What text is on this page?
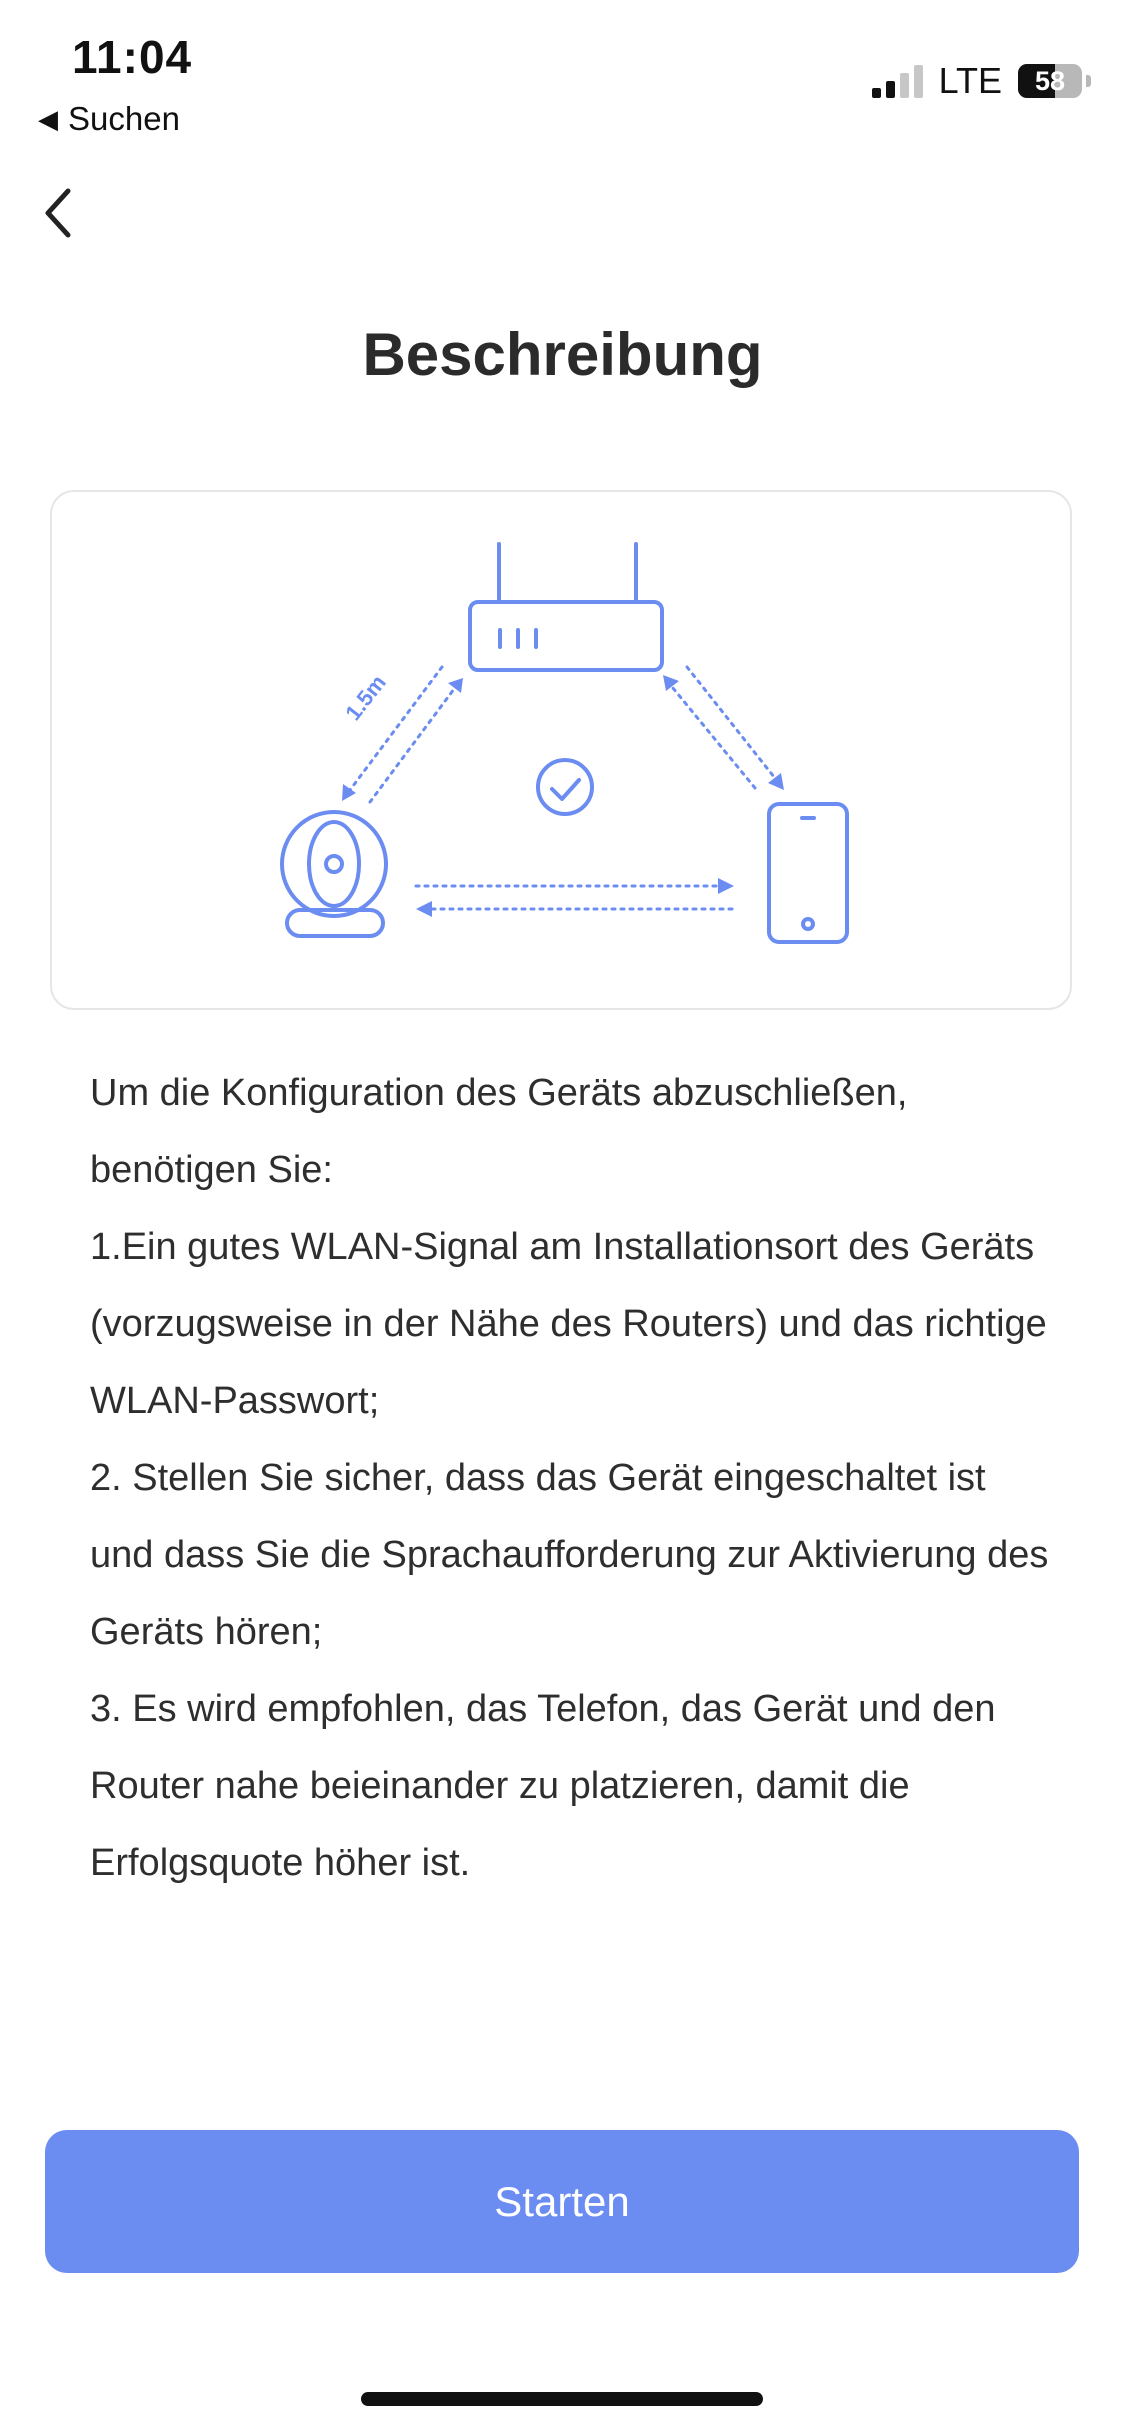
11:04
◀ Suchen
LTE 58
Beschreibung
1.5m

Um die Konfiguration des Geräts abzuschließen, benötigen Sie:

1.Ein gutes WLAN-Signal am Installationsort des Geräts (vorzugsweise in der Nähe des Routers) und das richtige WLAN-Passwort;

2. Stellen Sie sicher, dass das Gerät eingeschaltet ist und dass Sie die Sprachaufforderung zur Aktivierung des Geräts hören;

3. Es wird empfohlen, das Telefon, das Gerät und den Router nahe beieinander zu platzieren, damit die Erfolgsquote höher ist.

Starten
